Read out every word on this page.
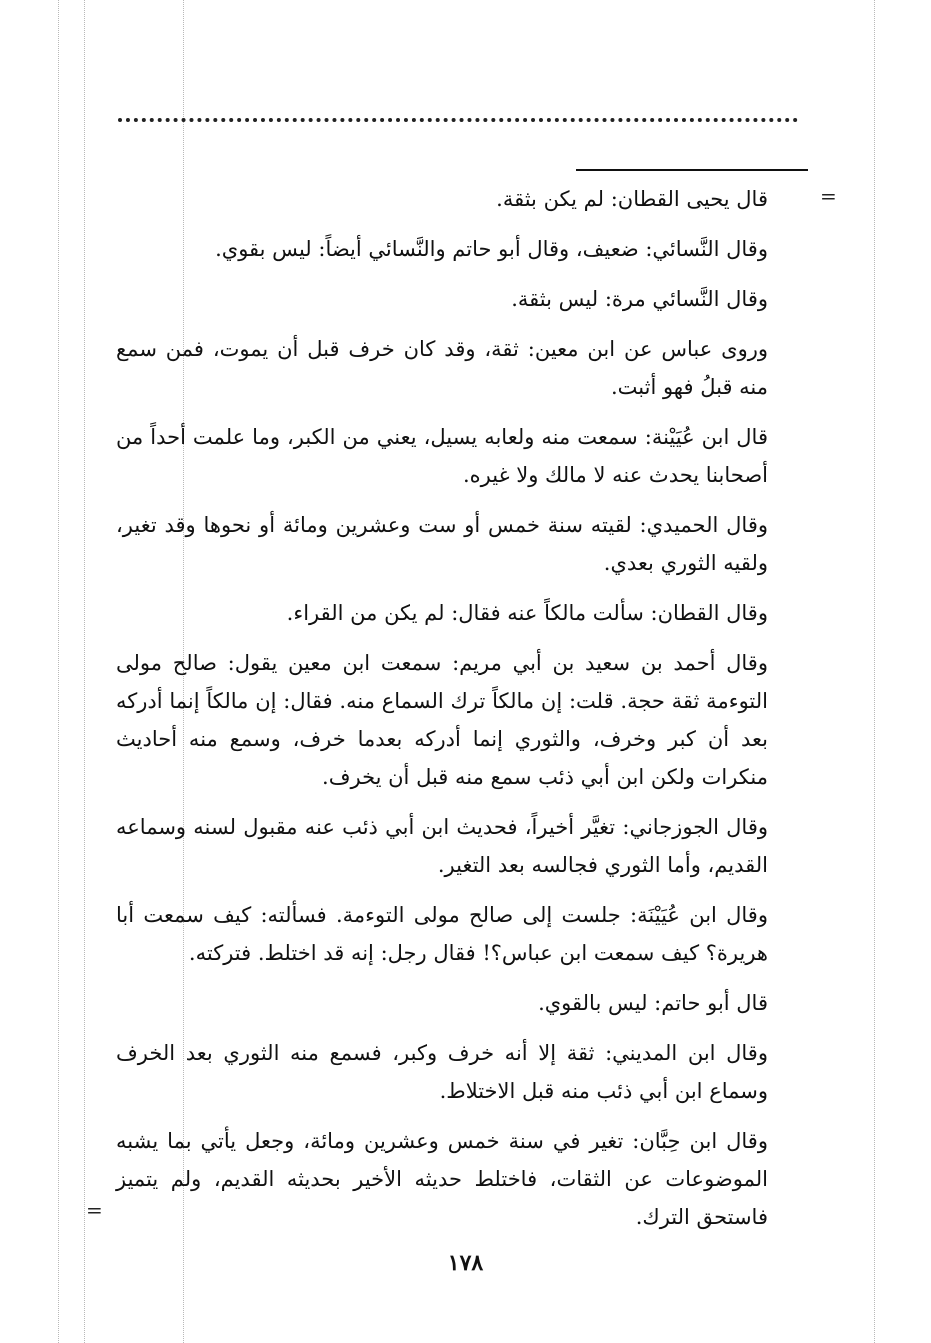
=
=

قال يحيى القطان: لم يكن بثقة.

وقال النَّسائي: ضعيف، وقال أبو حاتم والنَّسائي أيضاً: ليس بقوي.

وقال النَّسائي مرة: ليس بثقة.

وروى عباس عن ابن معين: ثقة، وقد كان خرف قبل أن يموت، فمن سمع منه قبلُ فهو أثبت.

قال ابن عُيَيْنة: سمعت منه ولعابه يسيل، يعني من الكبر، وما علمت أحداً من أصحابنا يحدث عنه لا مالك ولا غيره.

وقال الحميدي: لقيته سنة خمس أو ست وعشرين ومائة أو نحوها وقد تغير، ولقيه الثوري بعدي.

وقال القطان: سألت مالكاً عنه فقال: لم يكن من القراء.

وقال أحمد بن سعيد بن أبي مريم: سمعت ابن معين يقول: صالح مولى التوءمة ثقة حجة. قلت: إن مالكاً ترك السماع منه. فقال: إن مالكاً إنما أدركه بعد أن كبر وخرف، والثوري إنما أدركه بعدما خرف، وسمع منه أحاديث منكرات ولكن ابن أبي ذئب سمع منه قبل أن يخرف.

وقال الجوزجاني: تغيَّر أخيراً، فحديث ابن أبي ذئب عنه مقبول لسنه وسماعه القديم، وأما الثوري فجالسه بعد التغير.

وقال ابن عُيَيْنَة: جلست إلى صالح مولى التوءمة. فسألته: كيف سمعت أبا هريرة؟ كيف سمعت ابن عباس؟! فقال رجل: إنه قد اختلط. فتركته.

قال أبو حاتم: ليس بالقوي.

وقال ابن المديني: ثقة إلا أنه خرف وكبر، فسمع منه الثوري بعد الخرف وسماع ابن أبي ذئب منه قبل الاختلاط.

وقال ابن حِبَّان: تغير في سنة خمس وعشرين ومائة، وجعل يأتي بما يشبه الموضوعات عن الثقات، فاختلط حديثه الأخير بحديثه القديم، ولم يتميز فاستحق الترك.

١٧٨
